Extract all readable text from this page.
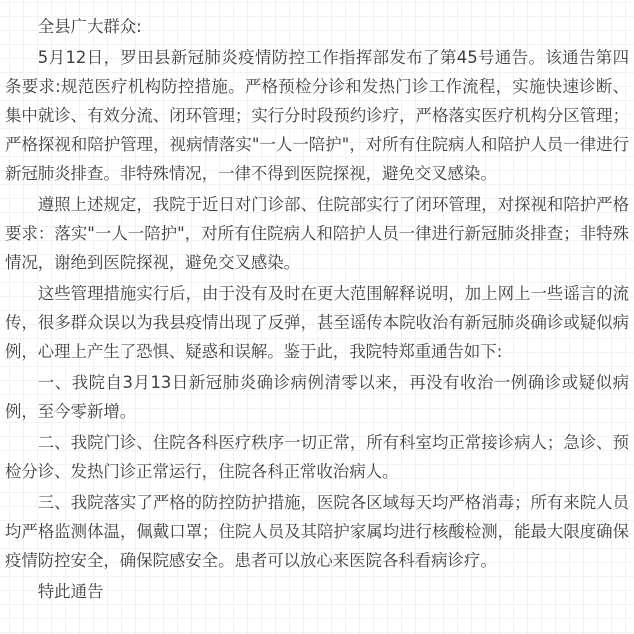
全县广大群众:

5月12日，罗田县新冠肺炎疫情防控工作指挥部发布了第45号通告。该通告第四条要求:规范医疗机构防控措施。严格预检分诊和发热门诊工作流程，实施快速诊断、集中就诊、有效分流、闭环管理；实行分时段预约诊疗，严格落实医疗机构分区管理；严格探视和陪护管理，视病情落实"一人一陪护"，对所有住院病人和陪护人员一律进行新冠肺炎排查。非特殊情况，一律不得到医院探视，避免交叉感染。

遵照上述规定，我院于近日对门诊部、住院部实行了闭环管理，对探视和陪护严格要求：落实"一人一陪护"，对所有住院病人和陪护人员一律进行新冠肺炎排查；非特殊情况，谢绝到医院探视，避免交叉感染。

这些管理措施实行后，由于没有及时在更大范围解释说明，加上网上一些谣言的流传，很多群众误以为我县疫情出现了反弹，甚至谣传本院收治有新冠肺炎确诊或疑似病例，心理上产生了恐惧、疑惑和误解。鉴于此，我院特郑重通告如下:

一、我院自3月13日新冠肺炎确诊病例清零以来，再没有收治一例确诊或疑似病例，至今零新增。

二、我院门诊、住院各科医疗秩序一切正常，所有科室均正常接诊病人；急诊、预检分诊、发热门诊正常运行，住院各科正常收治病人。

三、我院落实了严格的防控防护措施，医院各区域每天均严格消毒；所有来院人员均严格监测体温，佩戴口罩；住院人员及其陪护家属均进行核酸检测，能最大限度确保疫情防控安全，确保院感安全。患者可以放心来医院各科看病诊疗。

特此通告
